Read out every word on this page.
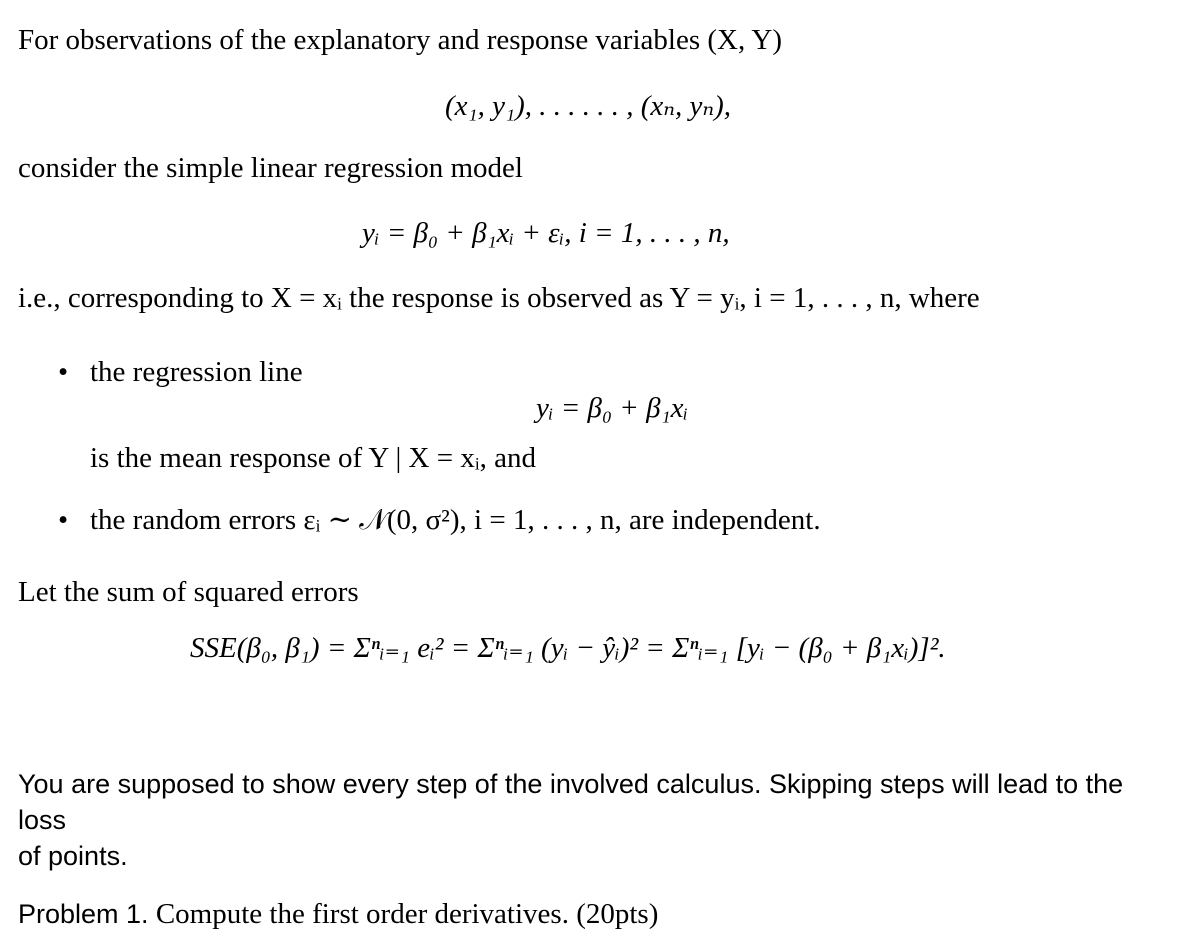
For observations of the explanatory and response variables (X, Y)
(x₁, y₁), . . . . . . , (xₙ, yₙ),
consider the simple linear regression model
yᵢ = β₀ + β₁xᵢ + εᵢ, i = 1, . . . , n,
i.e., corresponding to X = xᵢ the response is observed as Y = yᵢ, i = 1, . . . , n, where
• the regression line
yᵢ = β₀ + β₁xᵢ
is the mean response of Y | X = xᵢ, and
• the random errors εᵢ ∼ 𝒩(0, σ²), i = 1, . . . , n, are independent.
Let the sum of squared errors
SSE(β₀, β₁) = Σⁿᵢ₌₁ eᵢ² = Σⁿᵢ₌₁ (yᵢ − ŷᵢ)² = Σⁿᵢ₌₁ [yᵢ − (β₀ + β₁xᵢ)]².
You are supposed to show every step of the involved calculus. Skipping steps will lead to the loss
of points.
Problem 1. Compute the first order derivatives. (20pts)
